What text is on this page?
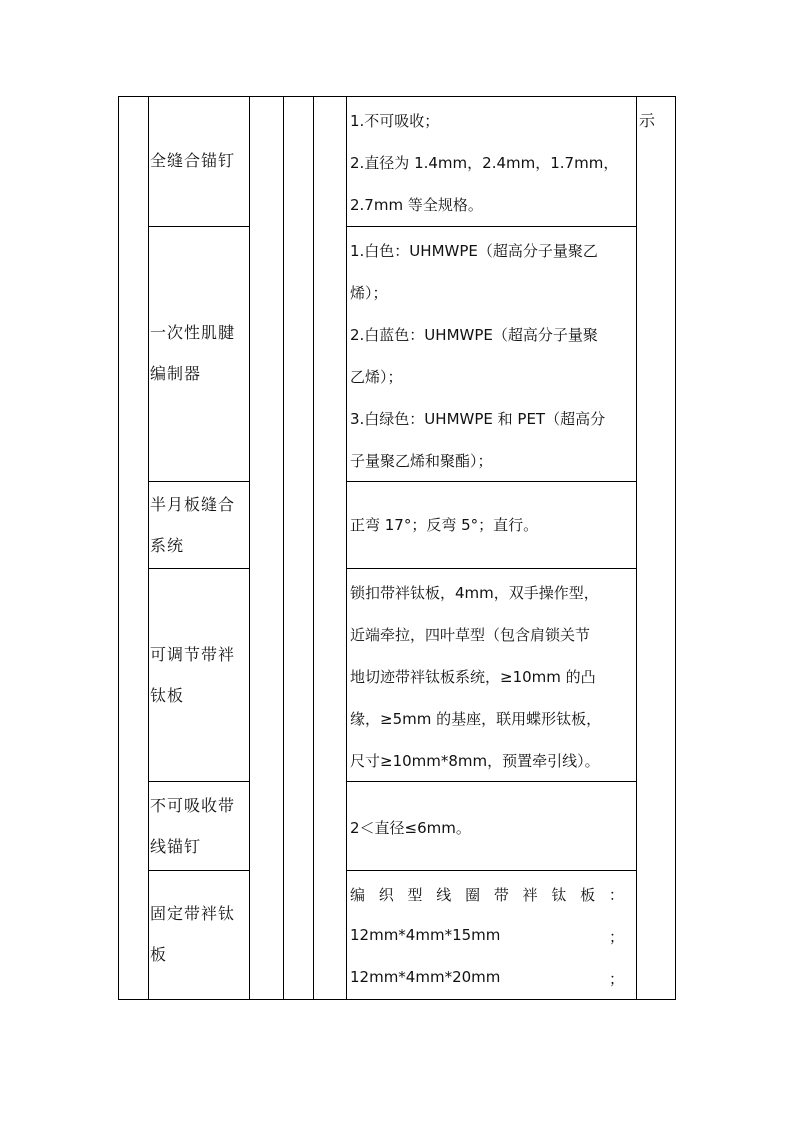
全缝合锚钉
1.不可吸收；
2.直径为 1.4mm，2.4mm，1.7mm，
2.7mm 等全规格。
示
一次性肌腱
编制器
1.白色：UHMWPE（超高分子量聚乙
烯）；
2.白蓝色：UHMWPE（超高分子量聚
乙烯）；
3.白绿色：UHMWPE 和 PET（超高分
子量聚乙烯和聚酯）；
半月板缝合
系统
正弯 17°；反弯 5°；直行。
可调节带袢
钛板
锁扣带袢钛板，4mm，双手操作型，
近端牵拉，四叶草型（包含肩锁关节
地切迹带袢钛板系统，≥10mm 的凸
缘，≥5mm 的基座，联用蝶形钛板，
尺寸≥10mm*8mm，预置牵引线）。
不可吸收带
线锚钉
2＜直径≤6mm。
固定带袢钛
板
编 织 型 线 圈 带 袢 钛 板 ：
12mm*4mm*15mm	；
12mm*4mm*20mm	；
